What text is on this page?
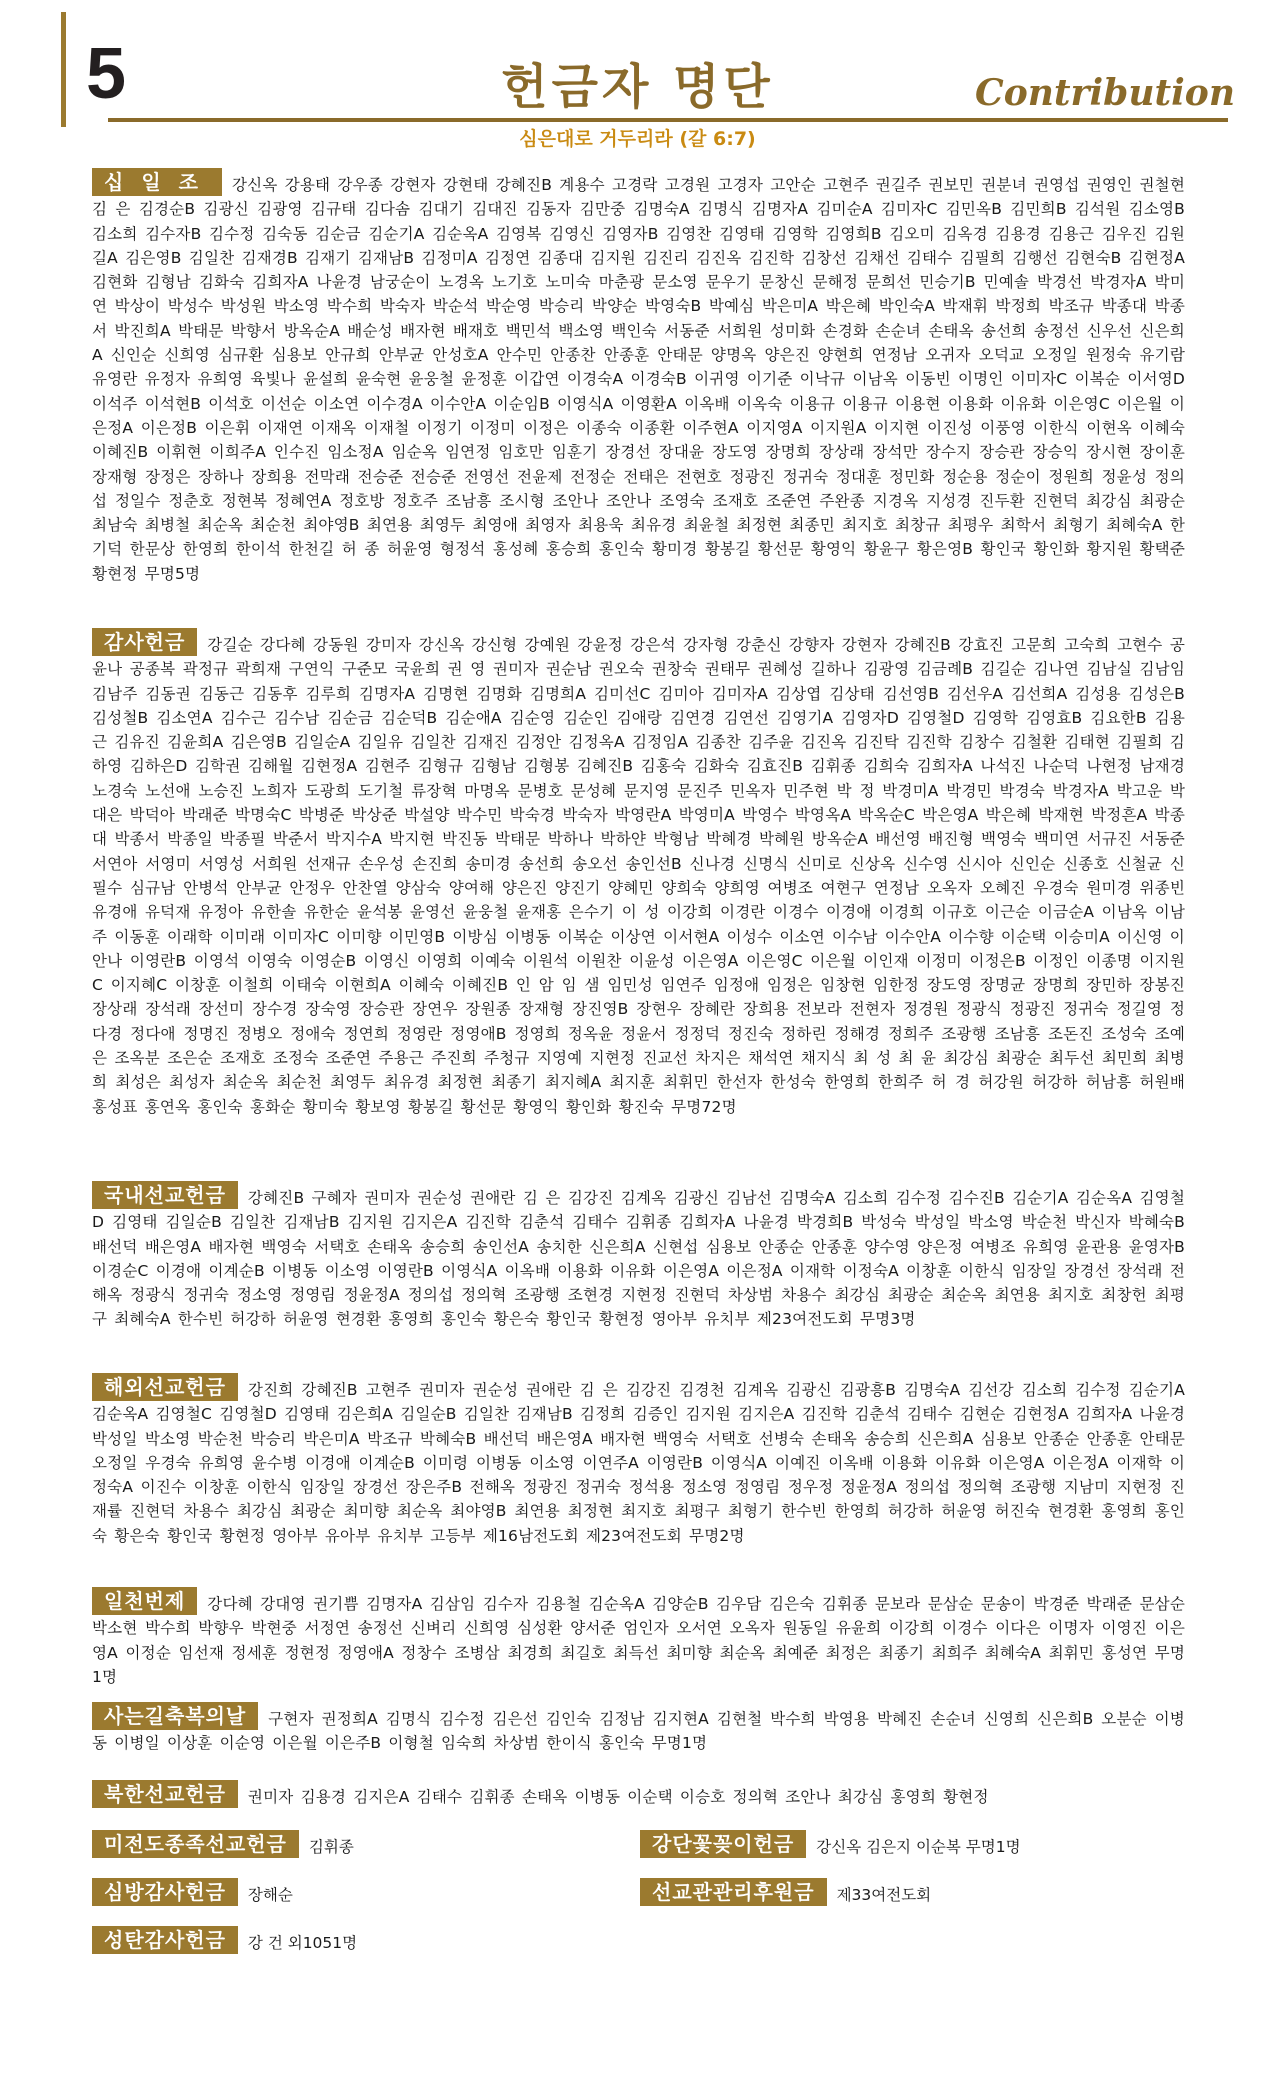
5	헌금자 명단	Contribution
심은대로 거두리라 (갈 6:7)
십일조 강신옥 강용태 강우종 강현자 강현태 강혜진B 계용수 고경락 고경원 고경자 고안순 고현주 권길주 권보민 권분녀 권영섭 권영인 권철현 김 은 김경순B 김광신 김광영 김규태 김다솜 김대기 김대진 김동자 김만중 김명숙A 김명식 김명자A 김미순A 김미자C 김민옥B 김민희B 김석원 김소영B 김소희 김수자B 김수정 김숙동 김순금 김순기A 김순옥A 김영복 김영신 김영자B 김영찬 김영태 김영학 김영희B 김오미 김옥경 김용경 김용근 김우진 김원길A 김은영B 김일찬 김재경B 김재기 김재남B 김정미A 김정연 김종대 김지원 김진리 김진옥 김진학 김창선 김채선 김태수 김필희 김행선 김현숙B 김현정A 김현화 김형남 김화숙 김희자A 나윤경 남궁순이 노경옥 노기호 노미숙 마춘광 문소영 문우기 문창신 문해정 문희선 민승기B 민예솔 박경선 박경자A 박미연 박상이 박성수 박성원 박소영 박수희 박숙자 박순석 박순영 박승리 박양순 박영숙B 박예심 박은미A 박은혜 박인숙A 박재휘 박정희 박조규 박종대 박종서 박진희A 박태문 박향서 방옥순A 배순성 배자현 배재호 백민석 백소영 백인숙 서동준 서희원 성미화 손경화 손순녀 손태옥 송선희 송정선 신우선 신은희A 신인순 신희영 심규환 심용보 안규희 안부균 안성호A 안수민 안종찬 안종훈 안태문 양명옥 양은진 양현희 연정남 오귀자 오덕교 오정일 원정숙 유기람 유영란 유정자 유희영 육빛나 윤설희 윤숙현 윤웅철 윤정훈 이갑연 이경숙A 이경숙B 이귀영 이기준 이낙규 이남옥 이동빈 이명인 이미자C 이복순 이서영D 이석주 이석현B 이석호 이선순 이소연 이수경A 이수안A 이순임B 이영식A 이영환A 이옥배 이옥숙 이용규 이용규 이용현 이용화 이유화 이은영C 이은월 이은정A 이은정B 이은휘 이재연 이재옥 이재철 이정기 이정미 이정은 이종숙 이종환 이주현A 이지영A 이지원A 이지현 이진성 이풍영 이한식 이현옥 이혜숙 이혜진B 이휘현 이희주A 인수진 임소정A 임순옥 임연정 임호만 임훈기 장경선 장대윤 장도영 장명희 장상래 장석만 장수지 장승관 장승익 장시현 장이훈 장재형 장정은 장하나 장희용 전막래 전승준 전승준 전영선 전윤제 전정순 전태은 전현호 정광진 정귀숙 정대훈 정민화 정순용 정순이 정원희 정윤성 정의섭 정일수 정춘호 정현복 정혜연A 정호방 정호주 조남흥 조시형 조안나 조안나 조영숙 조재호 조준연 주완종 지경옥 지성경 진두환 진현덕 최강심 최광순 최남숙 최병철 최순옥 최순천 최야영B 최연용 최영두 최영애 최영자 최용욱 최유경 최윤철 최정현 최종민 최지호 최창규 최평우 최학서 최형기 최혜숙A 한기덕 한문상 한영희 한이석 한천길 허 종 허윤영 형정석 홍성혜 홍승희 홍인숙 황미경 황봉길 황선문 황영익 황윤구 황은영B 황인국 황인화 황지원 황택준 황현정 무명5명
감사헌금 강길순 강다혜 강동원 강미자 강신옥 강신형 강예원 강윤정 강은석 강자형 강춘신 강향자 강현자 강혜진B 강효진 고문희 고숙희 고현수 공윤나 공종복 곽정규 곽희재 구연익 구준모 국윤희 권 영 권미자 권순남 권오숙 권창숙 권태무 권혜성 길하나 김광영 김금례B 김길순 김나연 김남실 김남임 김남주 김동권 김동근 김동후 김루희 김명자A 김명현 김명화 김명희A 김미선C 김미아 김미자A 김상엽 김상태 김선영B 김선우A 김선희A 김성용 김성은B 김성철B 김소연A 김수근 김수남 김순금 김순덕B 김순애A 김순영 김순인 김애랑 김연경 김연선 김영기A 김영자D 김영철D 김영학 김영효B 김요한B 김용근 김유진 김윤희A 김은영B 김일순A 김일유 김일찬 김재진 김정안 김정옥A 김정임A 김종찬 김주윤 김진옥 김진탁 김진학 김창수 김철환 김태현 김필희 김하영 김하은D 김학권 김해월 김현정A 김현주 김형규 김형남 김형봉 김혜진B 김홍숙 김화숙 김효진B 김휘종 김희숙 김희자A 나석진 나순덕 나현정 남재경 노경숙 노선애 노승진 노희자 도광희 도기철 류장혁 마명옥 문병호 문성혜 문지영 문진주 민옥자 민주현 박 정 박경미A 박경민 박경숙 박경자A 박고운 박대은 박덕아 박래준 박명숙C 박병준 박상준 박설양 박수민 박숙경 박숙자 박영란A 박영미A 박영수 박영옥A 박옥순C 박은영A 박은혜 박재현 박정흔A 박종대 박종서 박종일 박종필 박준서 박지수A 박지현 박진동 박태문 박하나 박하얀 박형남 박혜경 박혜원 방옥순A 배선영 배진형 백영숙 백미연 서규진 서동준 서연아 서영미 서영성 서희원 선재규 손우성 손진희 송미경 송선희 송오선 송인선B 신나경 신명식 신미로 신상옥 신수영 신시아 신인순 신종호 신철균 신필수 심규남 안병석 안부균 안정우 안찬열 양삼숙 양여해 양은진 양진기 양혜민 양희숙 양희영 여병조 여현구 연정남 오옥자 오혜진 우경숙 원미경 위종빈 유경애 유덕재 유정아 유한솔 유한순 윤석봉 윤영선 윤웅철 윤재홍 은수기 이 성 이강희 이경란 이경수 이경애 이경희 이규호 이근순 이금순A 이남옥 이남주 이동훈 이래학 이미래 이미자C 이미향 이민영B 이방심 이병동 이복순 이상연 이서현A 이성수 이소연 이수남 이수안A 이수향 이순택 이승미A 이신영 이안나 이영란B 이영석 이영숙 이영순B 이영신 이영희 이예숙 이원석 이원찬 이윤성 이은영A 이은영C 이은월 이인재 이정미 이정은B 이정인 이종명 이지원C 이지혜C 이창훈 이철희 이태숙 이현희A 이혜숙 이혜진B 인 암 임 샘 임민성 임연주 임정애 임정은 임창현 임한정 장도영 장명균 장명희 장민하 장봉진 장상래 장석래 장선미 장수경 장숙영 장승관 장연우 장원종 장재형 장진영B 장현우 장혜란 장희용 전보라 전현자 정경원 정광식 정광진 정귀숙 정길영 정다경 정다애 정명진 정병오 정애숙 정연희 정영란 정영애B 정영희 정옥윤 정윤서 정정덕 정진숙 정하린 정해경 정희주 조광행 조남흥 조돈진 조성숙 조예은 조옥분 조은순 조재호 조정숙 조준연 주용근 주진희 주청규 지영예 지현정 진교선 차지은 채석연 채지식 최 성 최 윤 최강심 최광순 최두선 최민희 최병희 최성은 최성자 최순옥 최순천 최영두 최유경 최정현 최종기 최지혜A 최지훈 최휘민 한선자 한성숙 한영희 한희주 허 경 허강원 허강하 허남흥 허원배 홍성표 홍연옥 홍인숙 홍화순 황미숙 황보영 황봉길 황선문 황영익 황인화 황진숙 무명72명
국내선교헌금 강혜진B 구혜자 권미자 권순성 권애란 김 은 김강진 김계옥 김광신 김남선 김명숙A 김소희 김수정 김수진B 김순기A 김순옥A 김영철D 김영태 김일순B 김일찬 김재남B 김지원 김지은A 김진학 김춘석 김태수 김휘종 김희자A 나윤경 박경희B 박성숙 박성일 박소영 박순천 박신자 박혜숙B 배선덕 배은영A 배자현 백영숙 서택호 손태옥 송승희 송인선A 송치한 신은희A 신현섭 심용보 안종순 안종훈 양수영 양은정 여병조 유희영 윤관용 윤영자B 이경순C 이경애 이계순B 이병동 이소영 이영란B 이영식A 이옥배 이용화 이유화 이은영A 이은정A 이재학 이정숙A 이창훈 이한식 임장일 장경선 장석래 전해옥 정광식 정귀숙 정소영 정영림 정윤정A 정의섭 정의혁 조광행 조현경 지현정 진현덕 차상범 차용수 최강심 최광순 최순옥 최연용 최지호 최창헌 최평구 최혜숙A 한수빈 허강하 허윤영 현경환 홍영희 홍인숙 황은숙 황인국 황현정 영아부 유치부 제23여전도회 무명3명
해외선교헌금 강진희 강혜진B 고현주 권미자 권순성 권애란 김 은 김강진 김경천 김계옥 김광신 김광흥B 김명숙A 김선강 김소희 김수정 김순기A 김순옥A 김영철C 김영철D 김영태 김은희A 김일순B 김일찬 김재남B 김정희 김증인 김지원 김지은A 김진학 김춘석 김태수 김현순 김현정A 김희자A 나윤경 박성일 박소영 박순천 박승리 박은미A 박조규 박혜숙B 배선덕 배은영A 배자현 백영숙 서택호 선병숙 손태옥 송승희 신은희A 심용보 안종순 안종훈 안태문 오정일 우경숙 유희영 윤수병 이경애 이계순B 이미령 이병동 이소영 이연주A 이영란B 이영식A 이예진 이옥배 이용화 이유화 이은영A 이은정A 이재학 이정숙A 이진수 이창훈 이한식 임장일 장경선 장은주B 전해옥 정광진 정귀숙 정석용 정소영 정영림 정우정 정윤정A 정의섭 정의혁 조광행 지남미 지현정 진재률 진현덕 차용수 최강심 최광순 최미향 최순옥 최야영B 최연용 최정현 최지호 최평구 최형기 한수빈 한영희 허강하 허윤영 허진숙 현경환 홍영희 홍인숙 황은숙 황인국 황현정 영아부 유아부 유치부 고등부 제16남전도회 제23여전도회 무명2명
일천번제 강다혜 강대영 권기쁨 김명자A 김삼임 김수자 김용철 김순옥A 김양순B 김우담 김은숙 김휘종 문보라 문삼순 문송이 박경준 박래준 문삼순 박소현 박수희 박향우 박현중 서정연 송정선 신벼리 신희영 심성환 양서준 엄인자 오서연 오옥자 원동일 유윤희 이강희 이경수 이다은 이명자 이영진 이은영A 이정순 임선재 정세훈 정현정 정영애A 정창수 조병삼 최경희 최길호 최득선 최미향 최순옥 최예준 최정은 최종기 최희주 최혜숙A 최휘민 홍성연 무명1명
사는길축복의날 구현자 권정희A 김명식 김수정 김은선 김인숙 김정남 김지현A 김현철 박수희 박영용 박혜진 손순녀 신영희 신은희B 오분순 이병동 이병일 이상훈 이순영 이은월 이은주B 이형철 임숙희 차상범 한이식 홍인숙 무명1명
북한선교헌금 권미자 김용경 김지은A 김태수 김휘종 손태옥 이병동 이순택 이승호 정의혁 조안나 최강심 홍영희 황현정
미전도종족선교헌금 김휘종	강단꽃꽂이헌금 강신옥 김은지 이순복 무명1명
심방감사헌금 장해순	선교관관리후원금 제33여전도회
성탄감사헌금 강 건 외1051명
